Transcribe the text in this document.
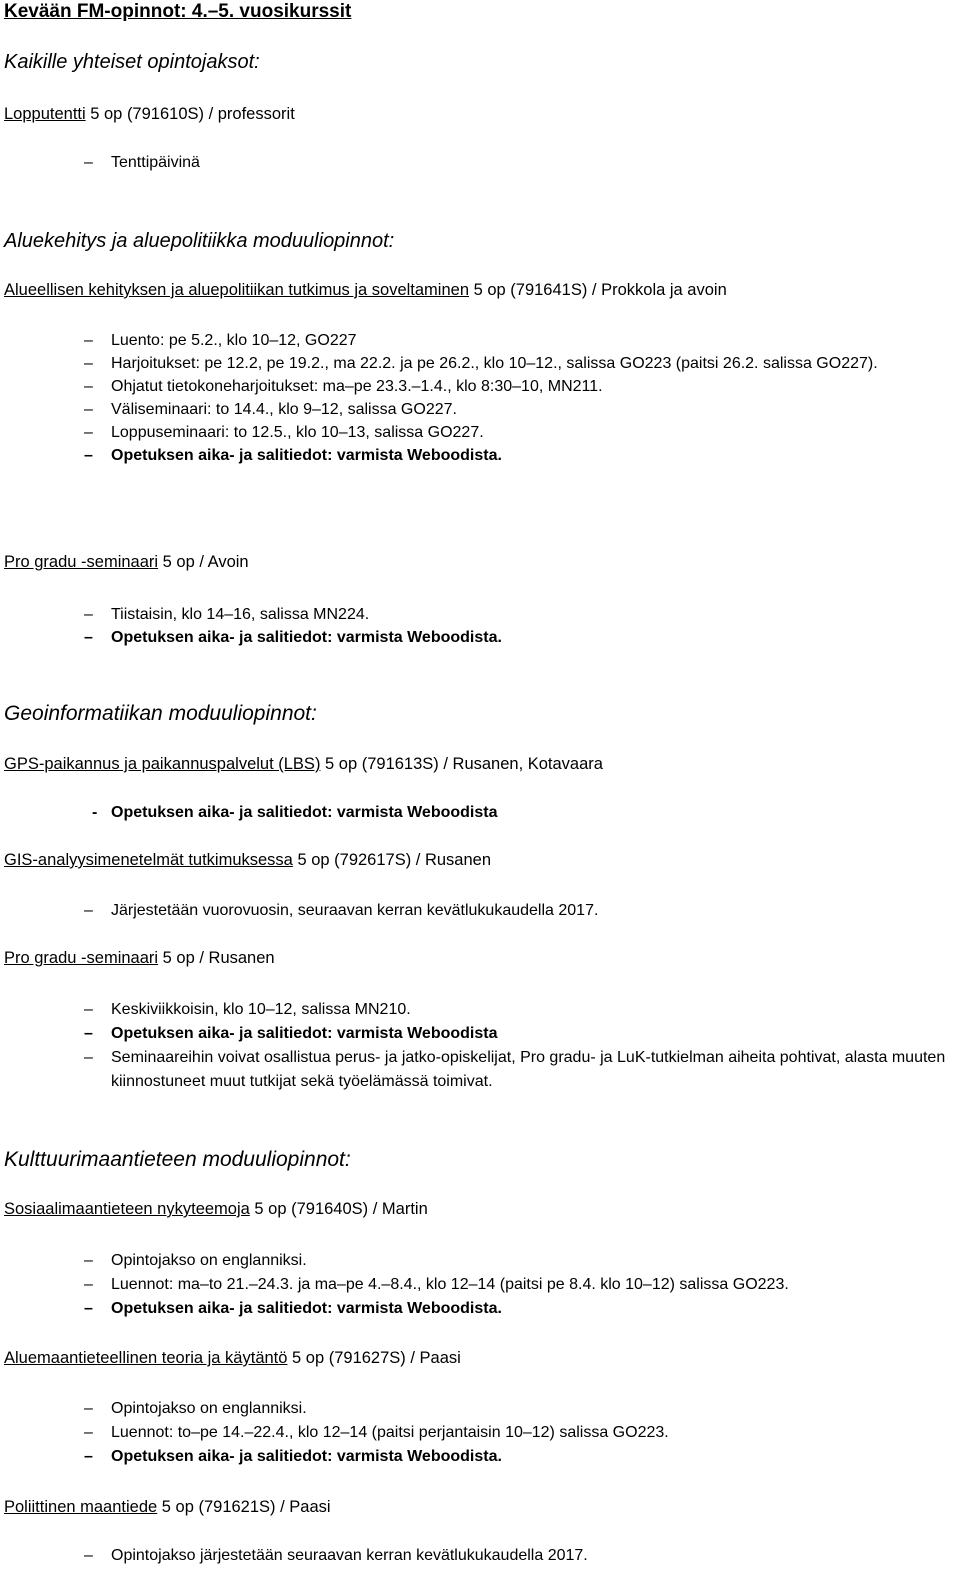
Kevään FM-opinnot: 4.–5. vuosikurssit
Kaikille yhteiset opintojaksot:
Lopputentti 5 op (791610S) / professorit
– Tenttipäivinä
Aluekehitys ja aluepolitiikka moduuliopinnot:
Alueellisen kehityksen ja aluepolitiikan tutkimus ja soveltaminen 5 op (791641S) / Prokkola ja avoin
– Luento: pe 5.2., klo 10–12, GO227
– Harjoitukset: pe 12.2, pe 19.2., ma 22.2. ja pe 26.2., klo 10–12., salissa GO223 (paitsi 26.2. salissa GO227).
– Ohjatut tietokoneharjoitukset: ma–pe 23.3.–1.4., klo 8:30–10, MN211.
– Väliseminaari: to 14.4., klo 9–12, salissa GO227.
– Loppuseminaari: to 12.5., klo 10–13, salissa GO227.
– Opetuksen aika- ja salitiedot: varmista Weboodista.
Pro gradu -seminaari 5 op / Avoin
– Tiistaisin, klo 14–16, salissa MN224.
– Opetuksen aika- ja salitiedot: varmista Weboodista.
Geoinformatiikan moduuliopinnot:
GPS-paikannus ja paikannuspalvelut (LBS) 5 op (791613S) / Rusanen, Kotavaara
- Opetuksen aika- ja salitiedot: varmista Weboodista
GIS-analyysimenetelmät tutkimuksessa 5 op (792617S) / Rusanen
– Järjestetään vuorovuosin, seuraavan kerran kevätlukukaudella 2017.
Pro gradu -seminaari 5 op / Rusanen
– Keskiviikkoisin, klo 10–12, salissa MN210.
– Opetuksen aika- ja salitiedot: varmista Weboodista
– Seminaareihin voivat osallistua perus- ja jatko-opiskelijat, Pro gradu- ja LuK-tutkielman aiheita pohtivat, alasta muuten kiinnostuneet muut tutkijat sekä työelämässä toimivat.
Kulttuurimaantieteen moduuliopinnot:
Sosiaalimaantieteen nykyteemoja 5 op (791640S) / Martin
– Opintojakso on englanniksi.
– Luennot: ma–to 21.–24.3. ja ma–pe 4.–8.4., klo 12–14 (paitsi pe 8.4. klo 10–12) salissa GO223.
– Opetuksen aika- ja salitiedot: varmista Weboodista.
Aluemaantieteellinen teoria ja käytäntö 5 op (791627S) / Paasi
– Opintojakso on englanniksi.
– Luennot: to–pe 14.–22.4., klo 12–14 (paitsi perjantaisin 10–12) salissa GO223.
– Opetuksen aika- ja salitiedot: varmista Weboodista.
Poliittinen maantiede 5 op (791621S) / Paasi
– Opintojakso järjestetään seuraavan kerran kevätlukukaudella 2017.
